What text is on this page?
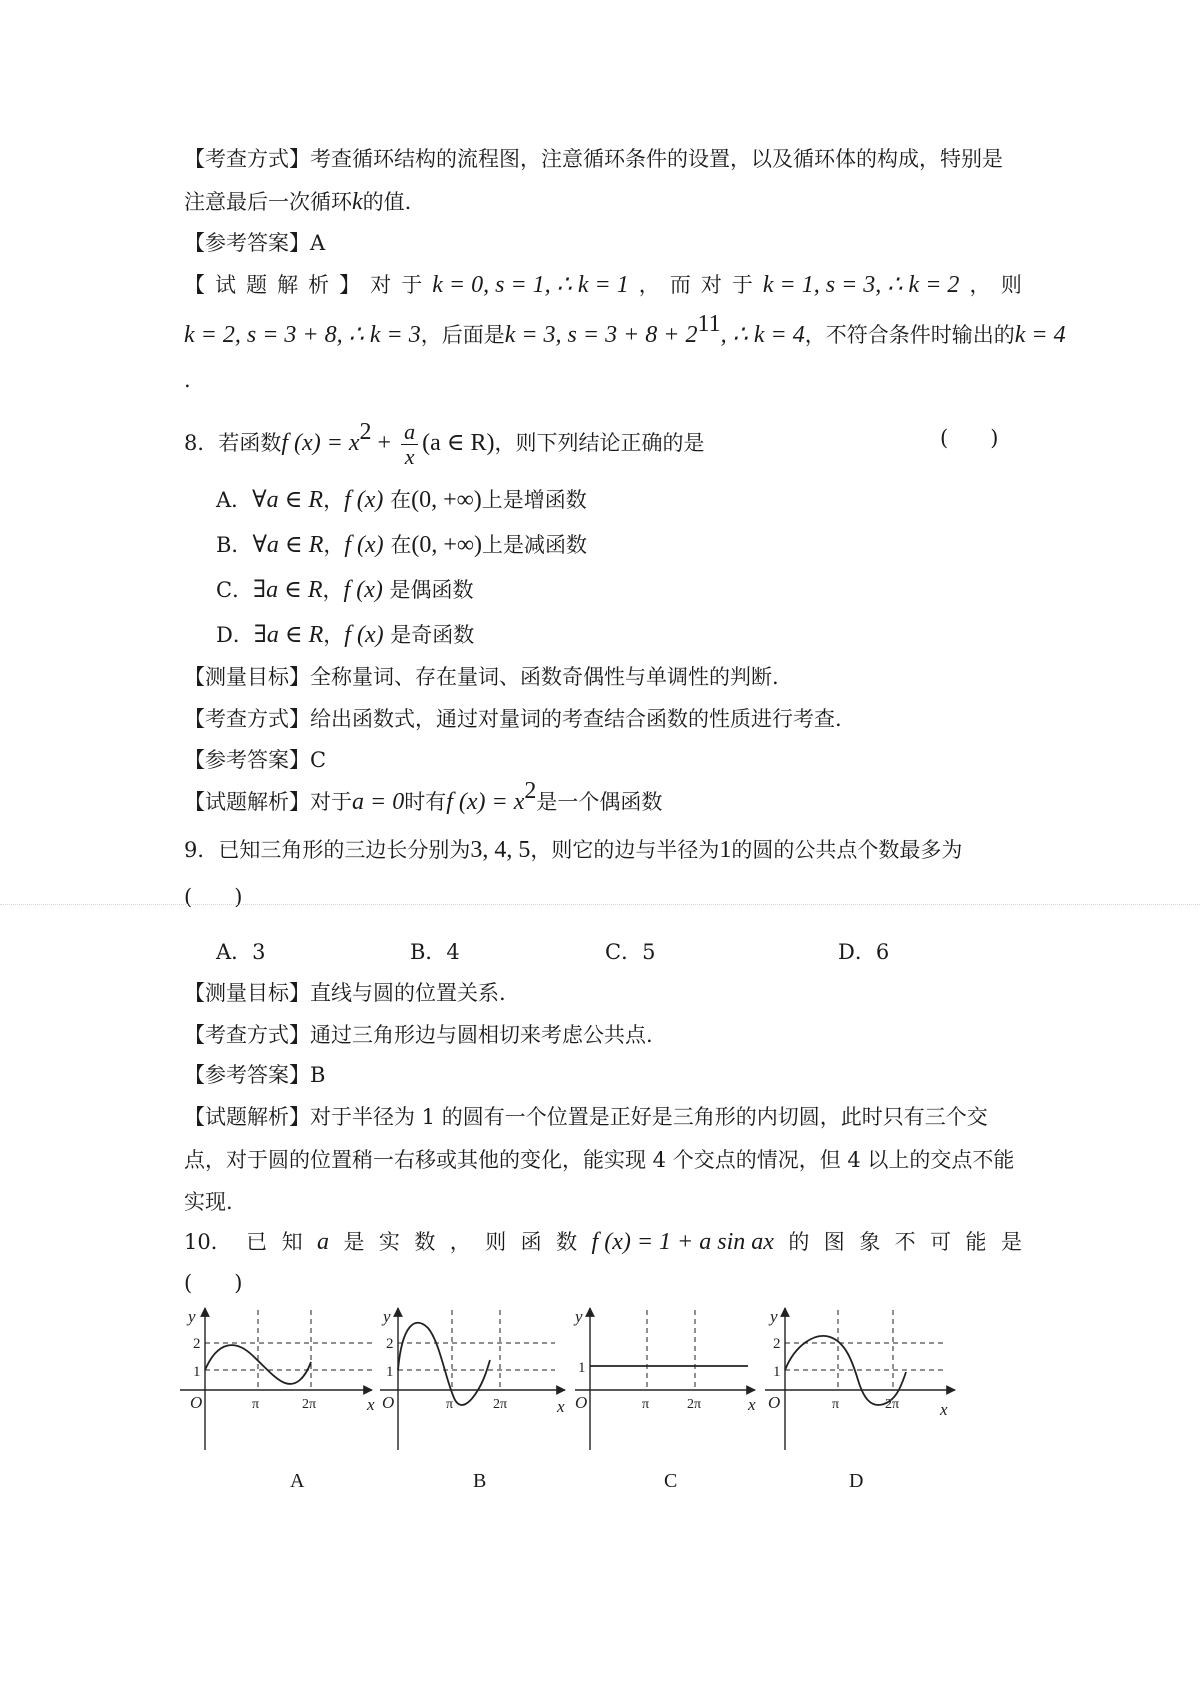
【考查方式】考查循环结构的流程图，注意循环条件的设置，以及循环体的构成，特别是
注意最后一次循环k的值.
【参考答案】A
【 试 题 解 析 】 对 于 k = 0, s = 1, ∴ k = 1 ， 而 对 于 k = 1, s = 3, ∴ k = 2 ，　则
k = 2, s = 3 + 8, ∴ k = 3，后面是k = 3, $s = 3 + 8 + 2^{11}$, ∴ k = 4，不符合条件时输出的k = 4
.
8．若函数f $(x) = x^2 + \frac{a}{x} (a$ ∈ R)，则下列结论正确的是	(　　)
A．∀a ∈ R，f (x) 在(0, +∞)上是增函数
B．∀a ∈ R，f (x) 在(0, +∞)上是减函数
C．∃a ∈ R，f (x) 是偶函数
D．∃a ∈ R，f (x) 是奇函数
【测量目标】全称量词、存在量词、函数奇偶性与单调性的判断.
【考查方式】给出函数式，通过对量词的考查结合函数的性质进行考查.
【参考答案】C
【试题解析】对于a = 0时有f $(x) = x^2$是一个偶函数
9．已知三角形的三边长分别为3, 4, 5，则它的边与半径为1的圆的公共点个数最多为
(　　)
A．3	B．4	C．5	D．6
【测量目标】直线与圆的位置关系.
【考查方式】通过三角形边与圆相切来考虑公共点.
【参考答案】B
【试题解析】对于半径为 1 的圆有一个位置是正好是三角形的内切圆，此时只有三个交
点，对于圆的位置稍一右移或其他的变化，能实现 4 个交点的情况，但 4 以上的交点不能
实现.
10． 已 知 a 是 实 数 ， 则 函 数 f (x) = 1 + a sin ax 的 图 象 不 可 能 是
(　　)
y
x
O	π	2π
2
1
y
x
O	π	2π
2
1
y
x
O	π	2π
1
y
x
O	π	2π
2
1
A	B	C	D
